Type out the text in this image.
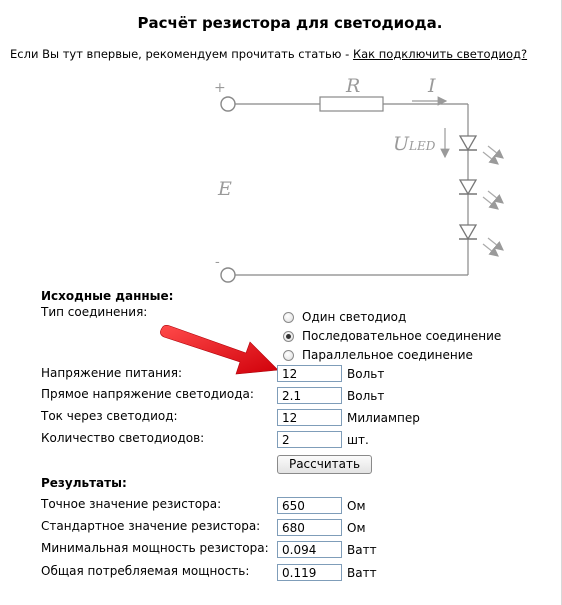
Расчёт резистора для светодиода.
Если Вы тут впервые, рекомендуем прочитать статью - Как подключить светодиод?
+
-
R	I
E
ULED
Исходные данные:
Тип соединения:	Один светодиод
Последовательное соединение
Параллельное соединение
Напряжение питания:
12	Вольт
Прямое напряжение светодиода:
2.1	Вольт
Ток через светодиод:
12	Милиампер
Количество светодиодов:
2	шт.
Рассчитать
Результаты:
Точное значение резистора:
650	Ом
Стандартное значение резистора:
680	Ом
Минимальная мощность резистора:
0.094	Ватт
Общая потребляемая мощность:
0.119	Ватт
